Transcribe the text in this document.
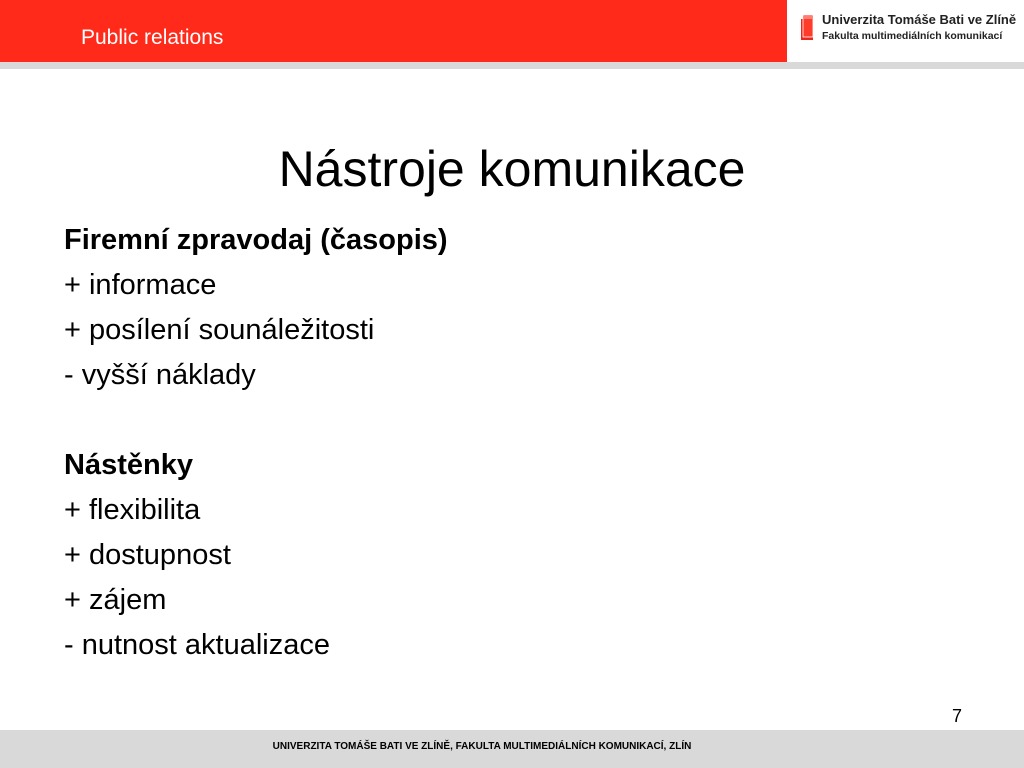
Public relations
Univerzita Tomáše Bati ve Zlíně
Fakulta multimediálních komunikací
Nástroje komunikace
Firemní zpravodaj (časopis)
+ informace
+ posílení sounáležitosti
- vyšší náklady
Nástěnky
+ flexibilita
+ dostupnost
+ zájem
- nutnost aktualizace
7
UNIVERZITA TOMÁŠE BATI VE ZLÍNĚ, FAKULTA MULTIMEDIÁLNÍCH KOMUNIKACÍ, ZLÍN
